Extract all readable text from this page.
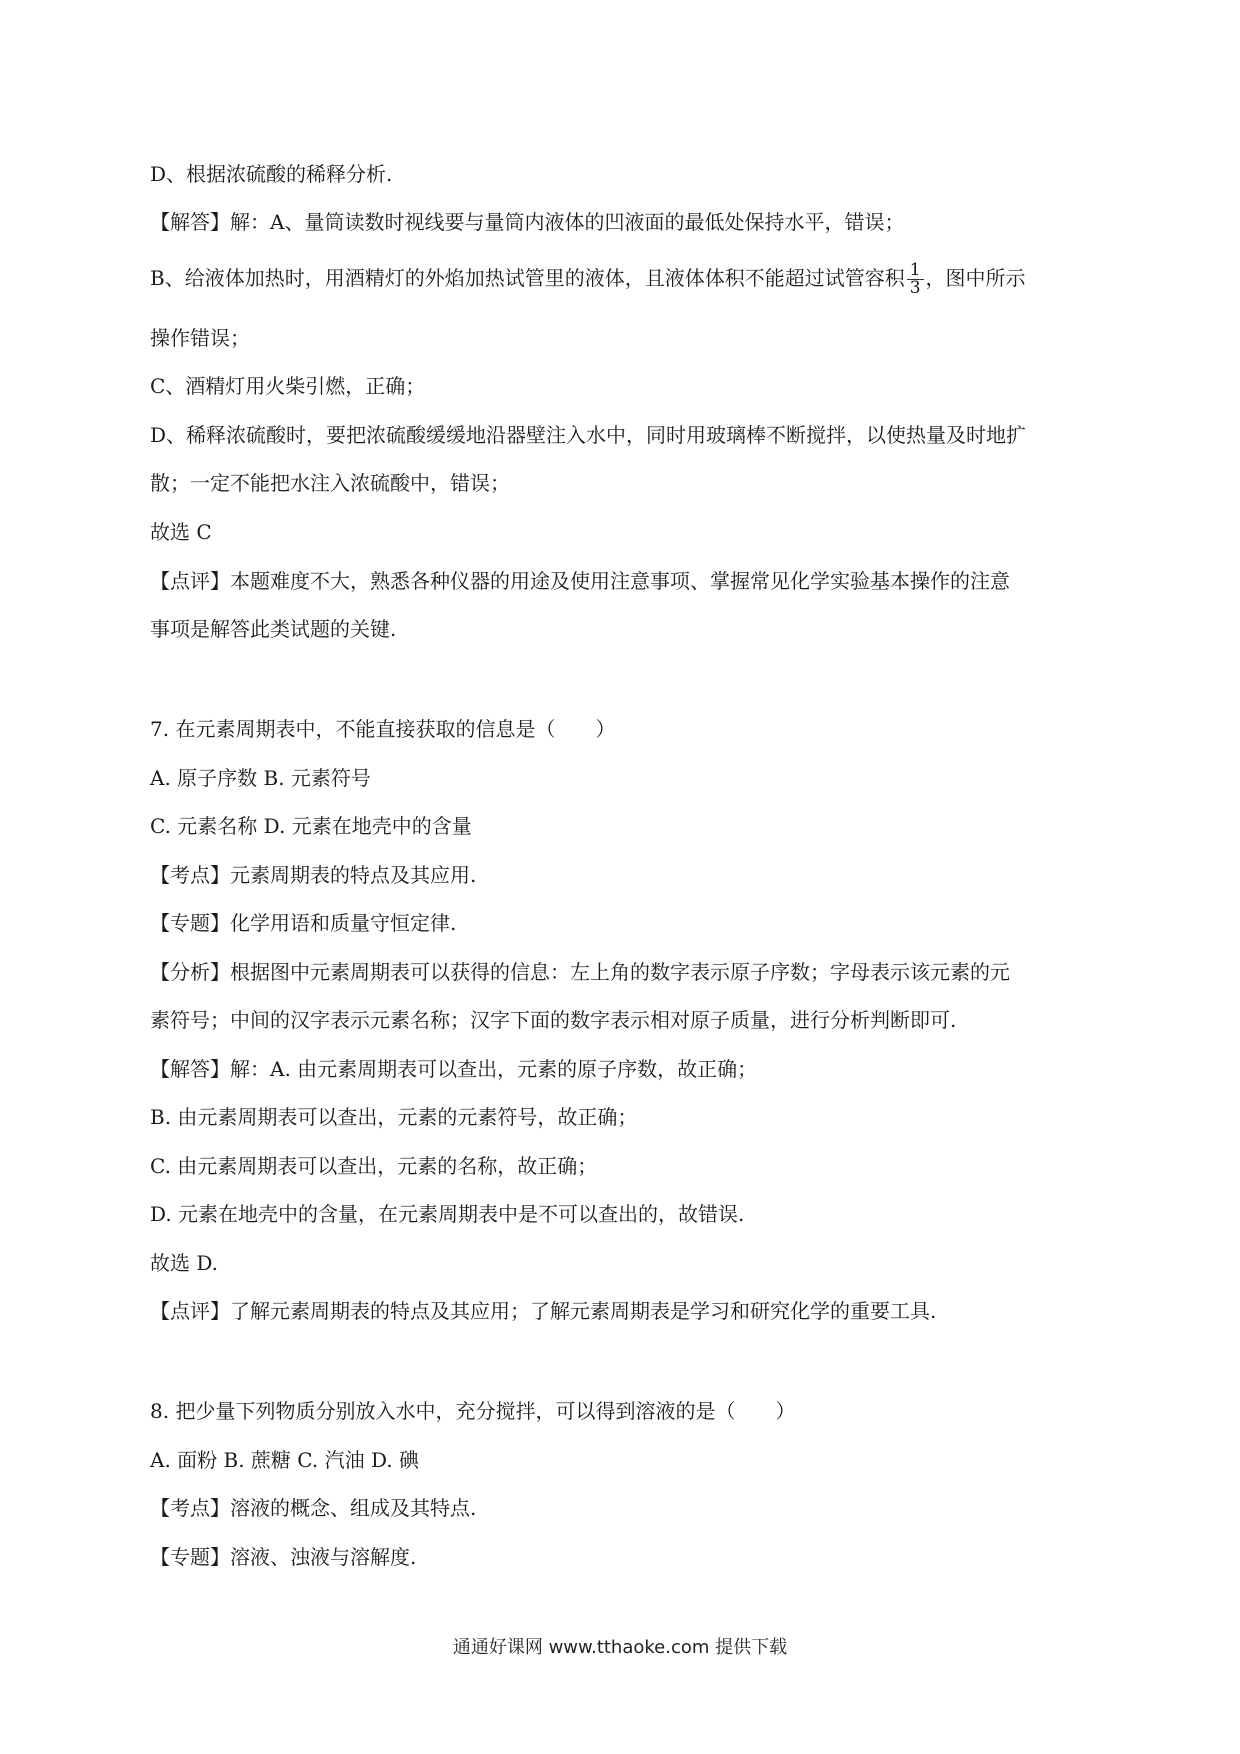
D、根据浓硫酸的稀释分析.
【解答】解：A、量筒读数时视线要与量筒内液体的凹液面的最低处保持水平，错误；
B、给液体加热时，用酒精灯的外焰加热试管里的液体，且液体体积不能超过试管容积 $\frac{1}{3}$ ，图中所示
操作错误；
C、酒精灯用火柴引燃，正确；
D、稀释浓硫酸时，要把浓硫酸缓缓地沿器壁注入水中，同时用玻璃棒不断搅拌，以使热量及时地扩
散；一定不能把水注入浓硫酸中，错误；
故选 C
【点评】本题难度不大，熟悉各种仪器的用途及使用注意事项、掌握常见化学实验基本操作的注意
事项是解答此类试题的关键.
7. 在元素周期表中，不能直接获取的信息是（　　）
A. 原子序数 B. 元素符号
C. 元素名称 D. 元素在地壳中的含量
【考点】元素周期表的特点及其应用.
【专题】化学用语和质量守恒定律.
【分析】根据图中元素周期表可以获得的信息：左上角的数字表示原子序数；字母表示该元素的元
素符号；中间的汉字表示元素名称；汉字下面的数字表示相对原子质量，进行分析判断即可.
【解答】解：A. 由元素周期表可以查出，元素的原子序数，故正确；
B. 由元素周期表可以查出，元素的元素符号，故正确；
C. 由元素周期表可以查出，元素的名称，故正确；
D. 元素在地壳中的含量，在元素周期表中是不可以查出的，故错误.
故选 D.
【点评】了解元素周期表的特点及其应用；了解元素周期表是学习和研究化学的重要工具.
8. 把少量下列物质分别放入水中，充分搅拌，可以得到溶液的是（　　）
A. 面粉 B. 蔗糖 C. 汽油 D. 碘
【考点】溶液的概念、组成及其特点.
【专题】溶液、浊液与溶解度.
通通好课网 www.tthaoke.com 提供下载
